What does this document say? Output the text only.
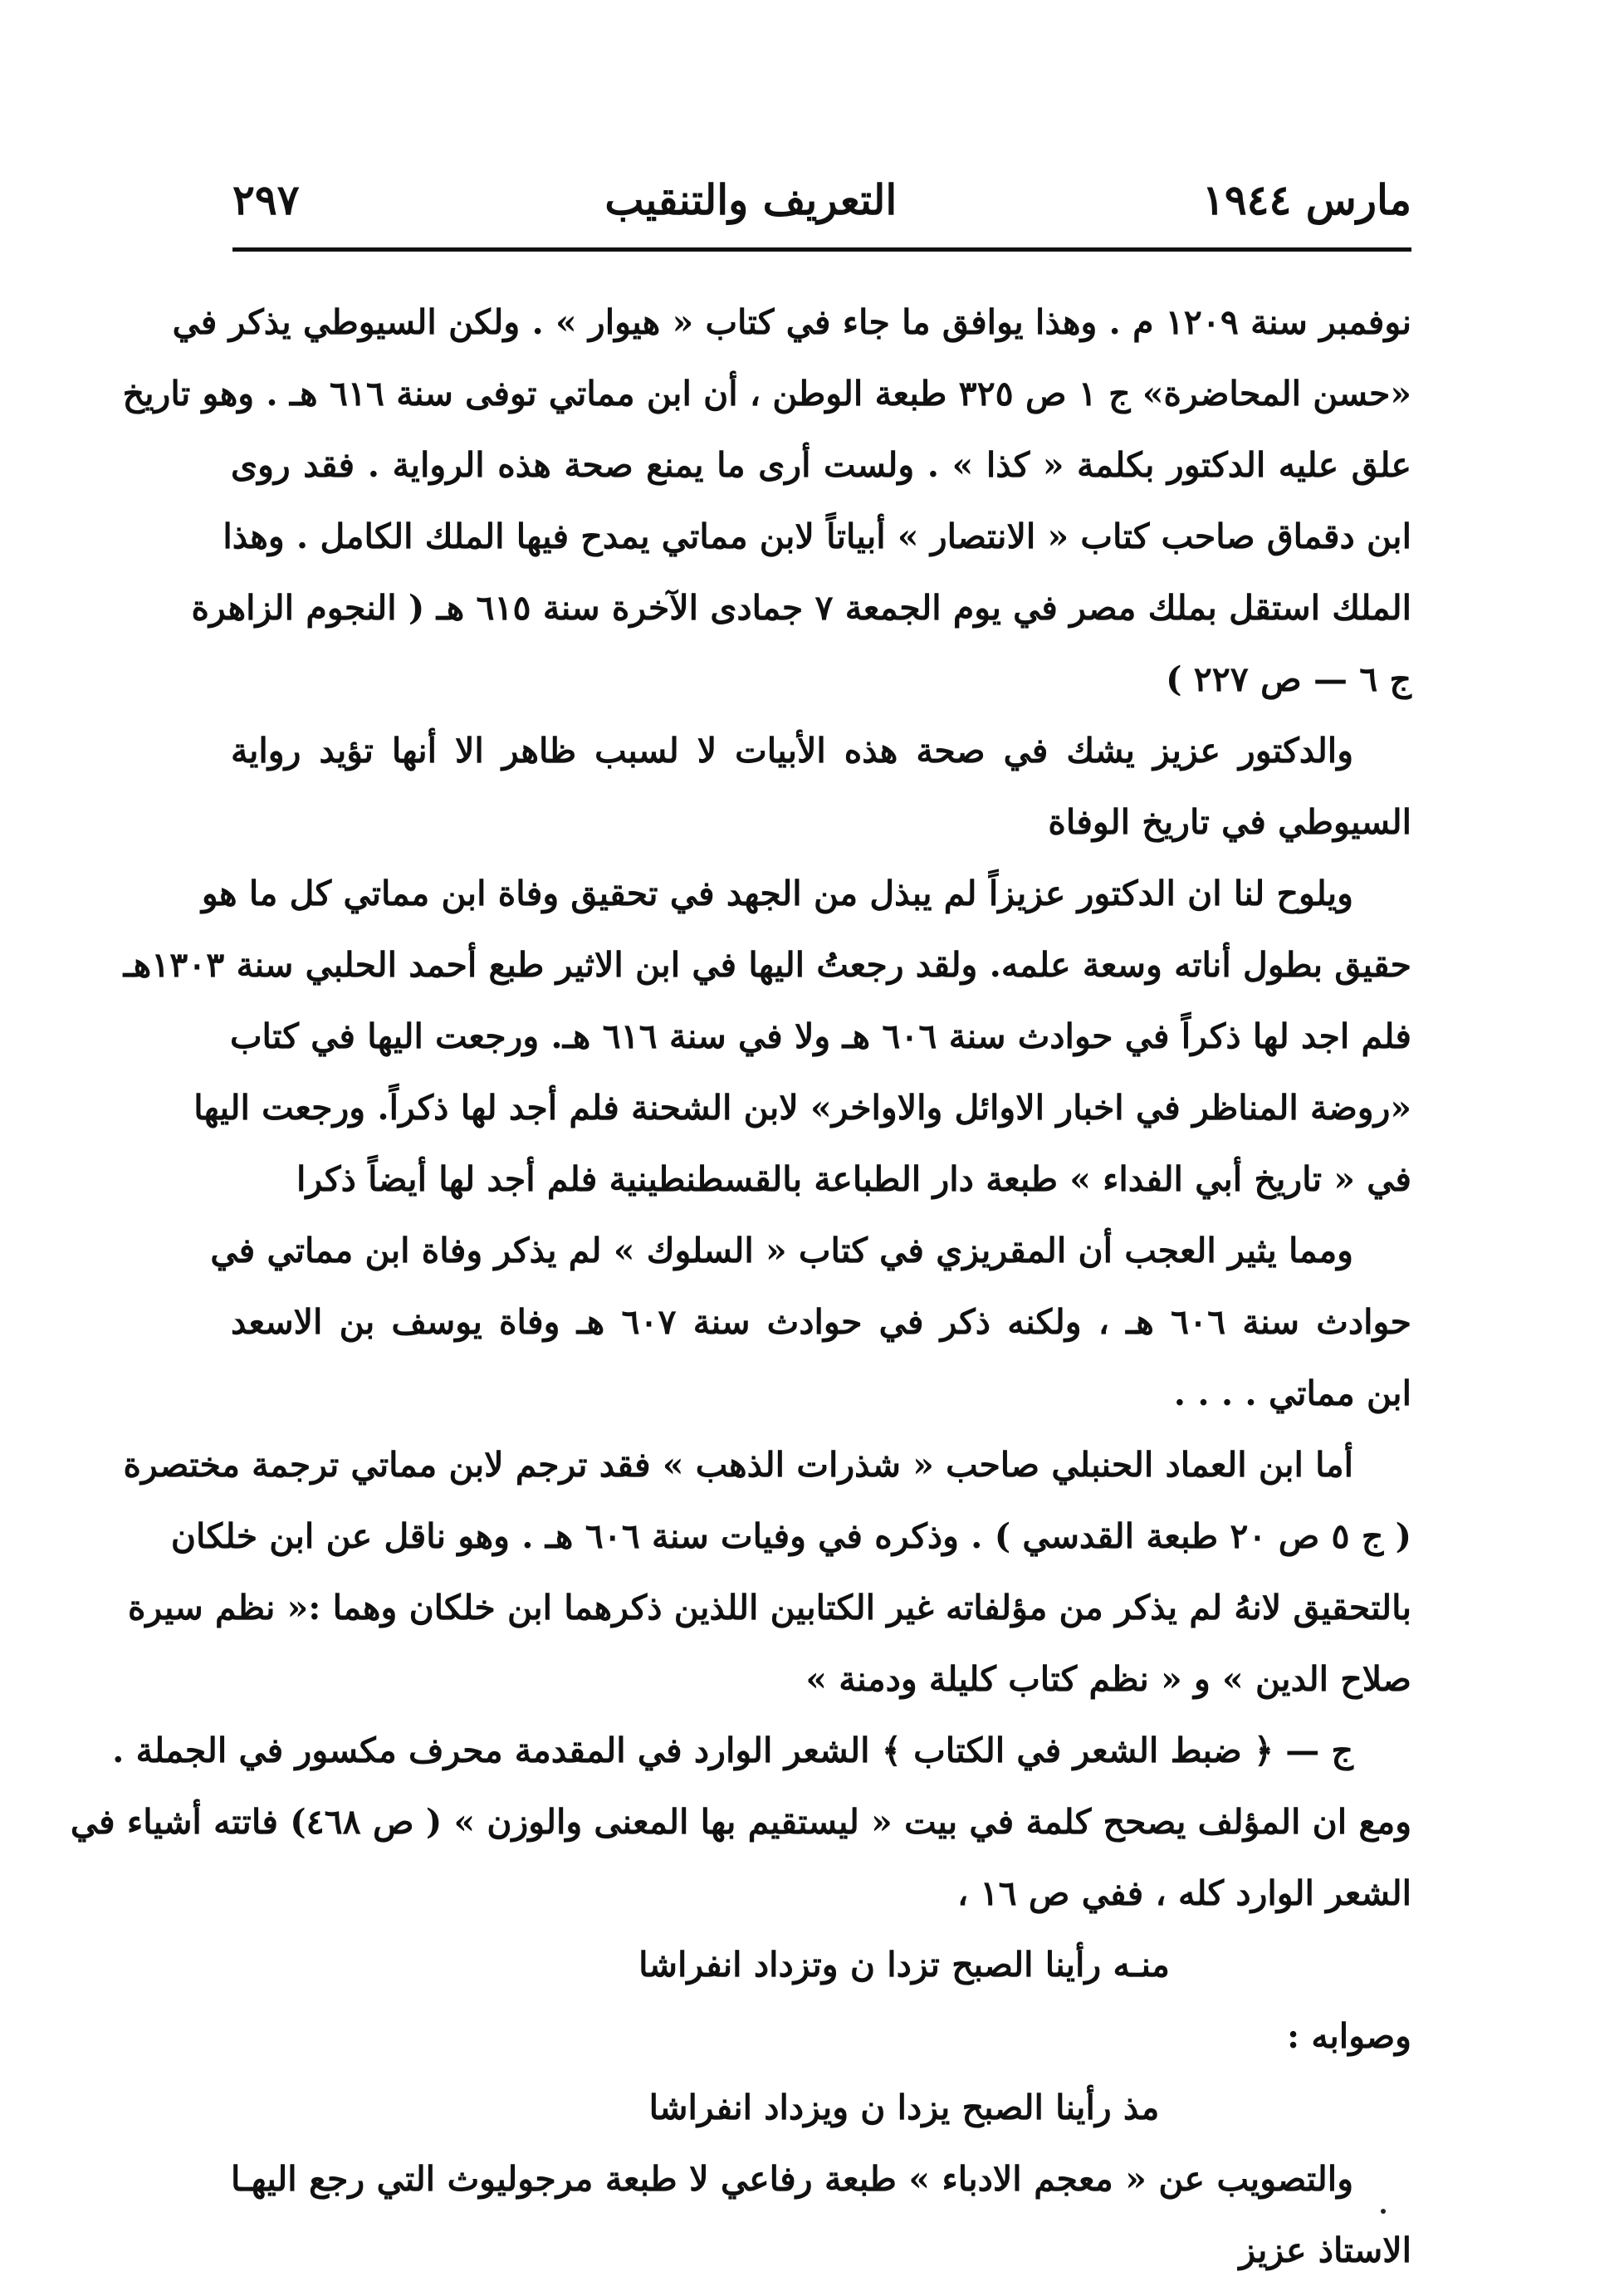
مارس ١٩٤٤
التعريف والتنقيب
٢٩٧
نوفمبر سنة ١٢٠٩ م . وهذا يوافق ما جاء في كتاب « هيوار » . ولكن السيوطي يذكر في
«حسن المحاضرة» ج ١ ص ٣٢٥ طبعة الوطن ، أن ابن مماتي توفى سنة ٦١٦ هـ . وهو تاريخ
علق عليه الدكتور بكلمة « كذا » . ولست أرى ما يمنع صحة هذه الرواية . فقد روى
ابن دقماق صاحب كتاب « الانتصار » أبياتاً لابن مماتي يمدح فيها الملك الكامل . وهذا
الملك استقل بملك مصر في يوم الجمعة ٧ جمادى الآخرة سنة ٦١٥ هـ ( النجوم الزاهرة
ج ٦ — ص ٢٢٧ )
والدكتور عزيز يشك في صحة هذه الأبيات لا لسبب ظاهر الا أنها تؤيد رواية
السيوطي في تاريخ الوفاة
ويلوح لنا ان الدكتور عزيزاً لم يبذل من الجهد في تحقيق وفاة ابن مماتي كل ما هو
حقيق بطول أناته وسعة علمه. ولقد رجعتُ اليها في ابن الاثير طبع أحمد الحلبي سنة ١٣٠٣هـ
فلم اجد لها ذكراً في حوادث سنة ٦٠٦ هـ ولا في سنة ٦١٦ هـ. ورجعت اليها في كتاب
«روضة المناظر في اخبار الاوائل والاواخر» لابن الشحنة فلم أجد لها ذكراً. ورجعت اليها
في « تاريخ أبي الفداء » طبعة دار الطباعة بالقسطنطينية فلم أجد لها أيضاً ذكرا
ومما يثير العجب أن المقريزي في كتاب « السلوك » لم يذكر وفاة ابن مماتي في
حوادث سنة ٦٠٦ هـ ، ولكنه ذكر في حوادث سنة ٦٠٧ هـ وفاة يوسف بن الاسعد
ابن مماتي . . . .
أما ابن العماد الحنبلي صاحب « شذرات الذهب » فقد ترجم لابن مماتي ترجمة مختصرة
( ج ٥ ص ٢٠ طبعة القدسي ) . وذكره في وفيات سنة ٦٠٦ هـ . وهو ناقل عن ابن خلكان
بالتحقيق لانهُ لم يذكر من مؤلفاته غير الكتابين اللذين ذكرهما ابن خلكان وهما :« نظم سيرة
صلاح الدين » و « نظم كتاب كليلة ودمنة »
ج — ﴿ ضبط الشعر في الكتاب ﴾ الشعر الوارد في المقدمة محرف مكسور في الجملة .
ومع ان المؤلف يصحح كلمة في بيت « ليستقيم بها المعنى والوزن » ( ص ٤٦٨) فاتته أشياء في
الشعر الوارد كله ، ففي ص ١٦ ،
منـه رأينا الصبح تزدا ن وتزداد انفراشا
وصوابه :
مذ رأينا الصبح يزدا ن ويزداد انفراشا
والتصويب عن « معجم الادباء » طبعة رفاعي لا طبعة مرجوليوث التي رجع اليهـا
الاستاذ عزيز
